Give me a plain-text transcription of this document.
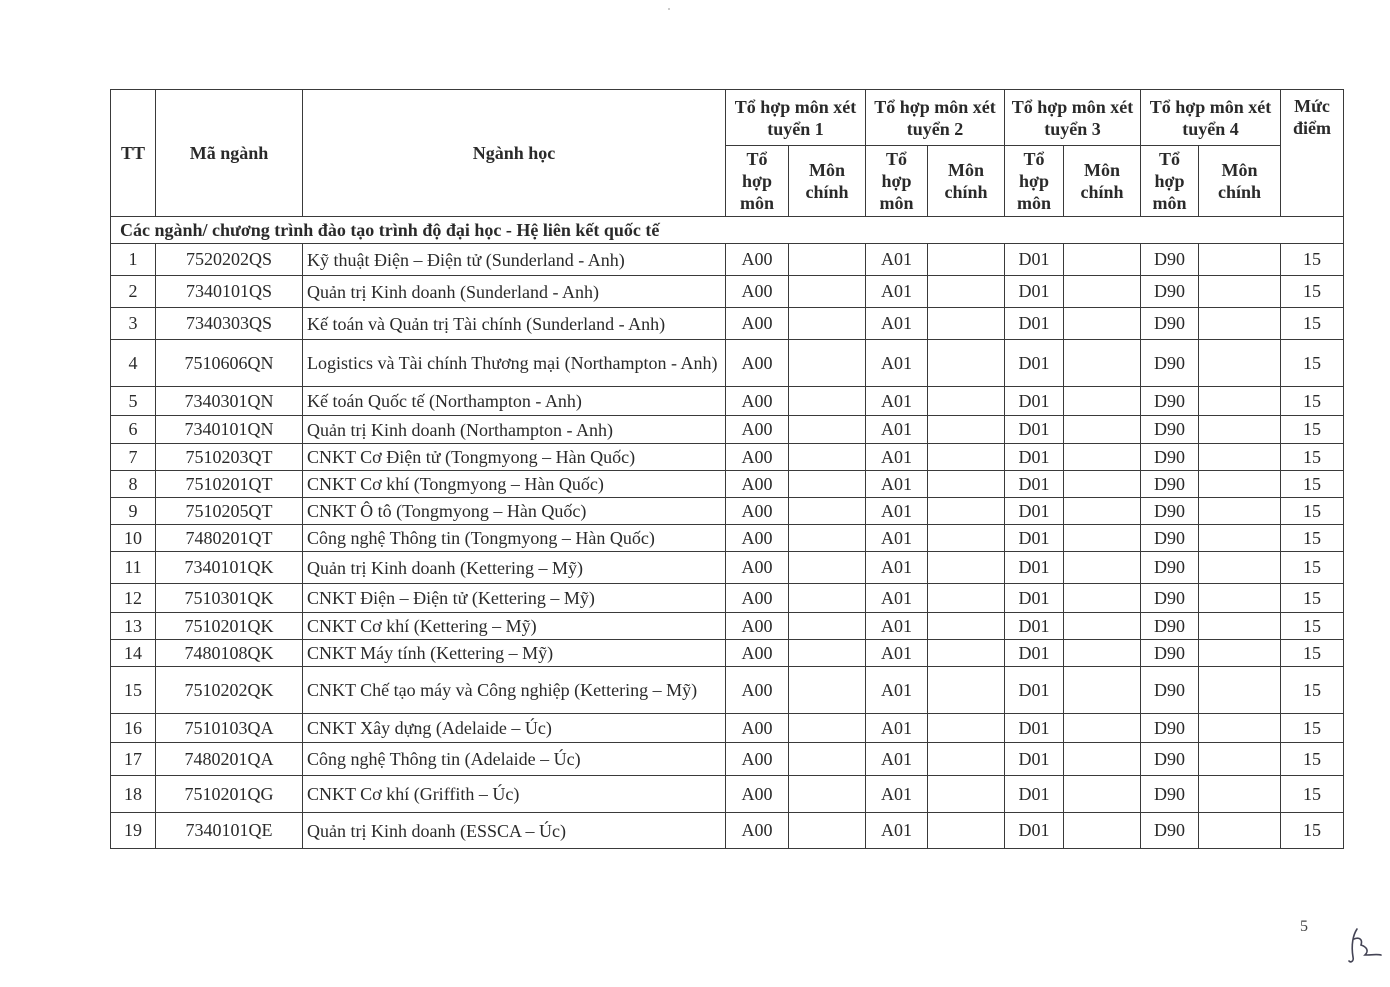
TT	Mã ngành	Ngành học	Tổ hợp môn xét tuyển 1		Tổ hợp môn xét tuyển 2		Tổ hợp môn xét tuyển 3		Tổ hợp môn xét tuyển 4		Mức điểm
			Tổ hợp môn	Môn chính	Tổ hợp môn	Môn chính	Tổ hợp môn	Môn chính	Tổ hợp môn	Môn chính	
Các ngành/ chương trình đào tạo trình độ đại học - Hệ liên kết quốc tế											
1	7520202QS	Kỹ thuật Điện – Điện tử (Sunderland - Anh)	A00		A01		D01		D90		15
2	7340101QS	Quản trị Kinh doanh (Sunderland - Anh)	A00		A01		D01		D90		15
3	7340303QS	Kế toán và Quản trị Tài chính (Sunderland - Anh)	A00		A01		D01		D90		15
4	7510606QN	Logistics và Tài chính Thương mại (Northampton - Anh)	A00		A01		D01		D90		15
5	7340301QN	Kế toán Quốc tế (Northampton - Anh)	A00		A01		D01		D90		15
6	7340101QN	Quản trị Kinh doanh (Northampton - Anh)	A00		A01		D01		D90		15
7	7510203QT	CNKT Cơ Điện tử (Tongmyong – Hàn Quốc)	A00		A01		D01		D90		15
8	7510201QT	CNKT Cơ khí (Tongmyong – Hàn Quốc)	A00		A01		D01		D90		15
9	7510205QT	CNKT Ô tô (Tongmyong – Hàn Quốc)	A00		A01		D01		D90		15
10	7480201QT	Công nghệ Thông tin (Tongmyong – Hàn Quốc)	A00		A01		D01		D90		15
11	7340101QK	Quản trị Kinh doanh (Kettering – Mỹ)	A00		A01		D01		D90		15
12	7510301QK	CNKT Điện – Điện tử (Kettering – Mỹ)	A00		A01		D01		D90		15
13	7510201QK	CNKT Cơ khí (Kettering – Mỹ)	A00		A01		D01		D90		15
14	7480108QK	CNKT Máy tính (Kettering – Mỹ)	A00		A01		D01		D90		15
15	7510202QK	CNKT Chế tạo máy và Công nghiệp (Kettering – Mỹ)	A00		A01		D01		D90		15
16	7510103QA	CNKT Xây dựng (Adelaide – Úc)	A00		A01		D01		D90		15
17	7480201QA	Công nghệ Thông tin (Adelaide – Úc)	A00		A01		D01		D90		15
18	7510201QG	CNKT Cơ khí (Griffith – Úc)	A00		A01		D01		D90		15
19	7340101QE	Quản trị Kinh doanh (ESSCA – Úc)	A00		A01		D01		D90		15
5
